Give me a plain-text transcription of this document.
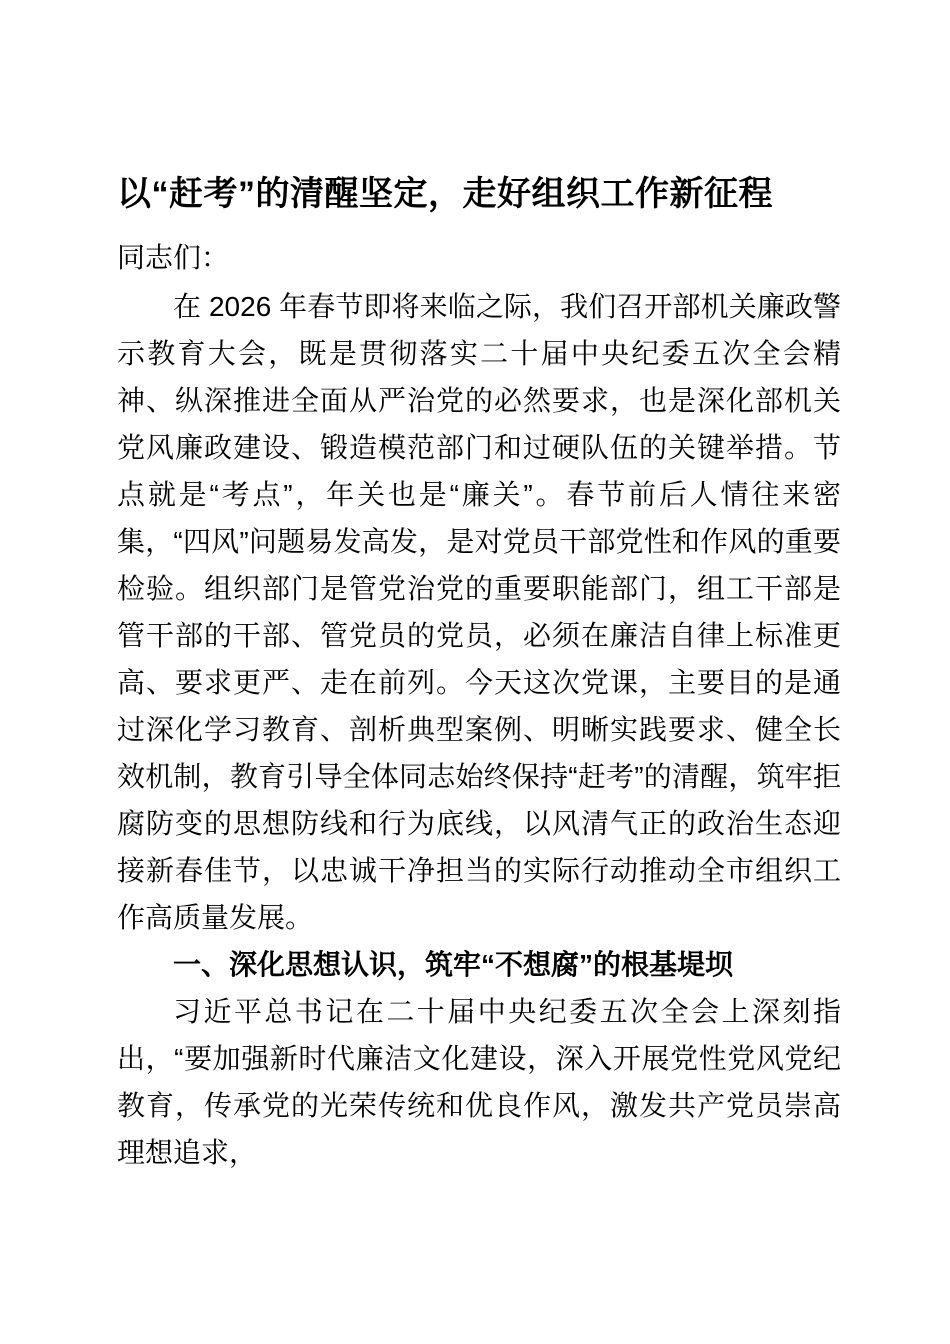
以“赶考”的清醒坚定，走好组织工作新征程

同志们：

在 2026 年春节即将来临之际，我们召开部机关廉政警示教育大会，既是贯彻落实二十届中央纪委五次全会精神、纵深推进全面从严治党的必然要求，也是深化部机关党风廉政建设、锻造模范部门和过硬队伍的关键举措。节点就是“考点”，年关也是“廉关”。春节前后人情往来密集，“四风”问题易发高发，是对党员干部党性和作风的重要检验。组织部门是管党治党的重要职能部门，组工干部是管干部的干部、管党员的党员，必须在廉洁自律上标准更高、要求更严、走在前列。今天这次党课，主要目的是通过深化学习教育、剖析典型案例、明晰实践要求、健全长效机制，教育引导全体同志始终保持“赶考”的清醒，筑牢拒腐防变的思想防线和行为底线，以风清气正的政治生态迎接新春佳节，以忠诚干净担当的实际行动推动全市组织工作高质量发展。

一、深化思想认识，筑牢“不想腐”的根基堤坝

习近平总书记在二十届中央纪委五次全会上深刻指出，“要加强新时代廉洁文化建设，深入开展党性党风党纪教育，传承党的光荣传统和优良作风，激发共产党员崇高理想追求，
